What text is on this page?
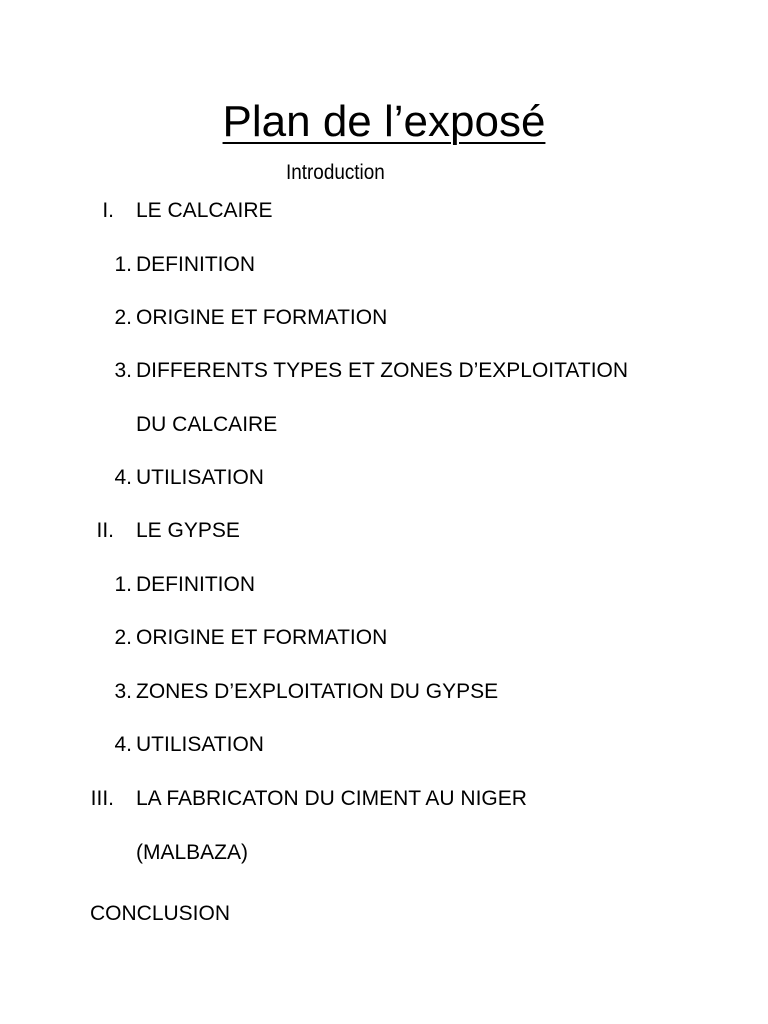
Plan de l’exposé
Introduction
I. LE CALCAIRE
1. DEFINITION
2. ORIGINE ET FORMATION
3. DIFFERENTS TYPES ET ZONES D’EXPLOITATION
DU CALCAIRE
4. UTILISATION
II. LE GYPSE
1. DEFINITION
2. ORIGINE ET FORMATION
3. ZONES D’EXPLOITATION DU GYPSE
4. UTILISATION
III. LA FABRICATON DU CIMENT AU NIGER
(MALBAZA)
CONCLUSION
